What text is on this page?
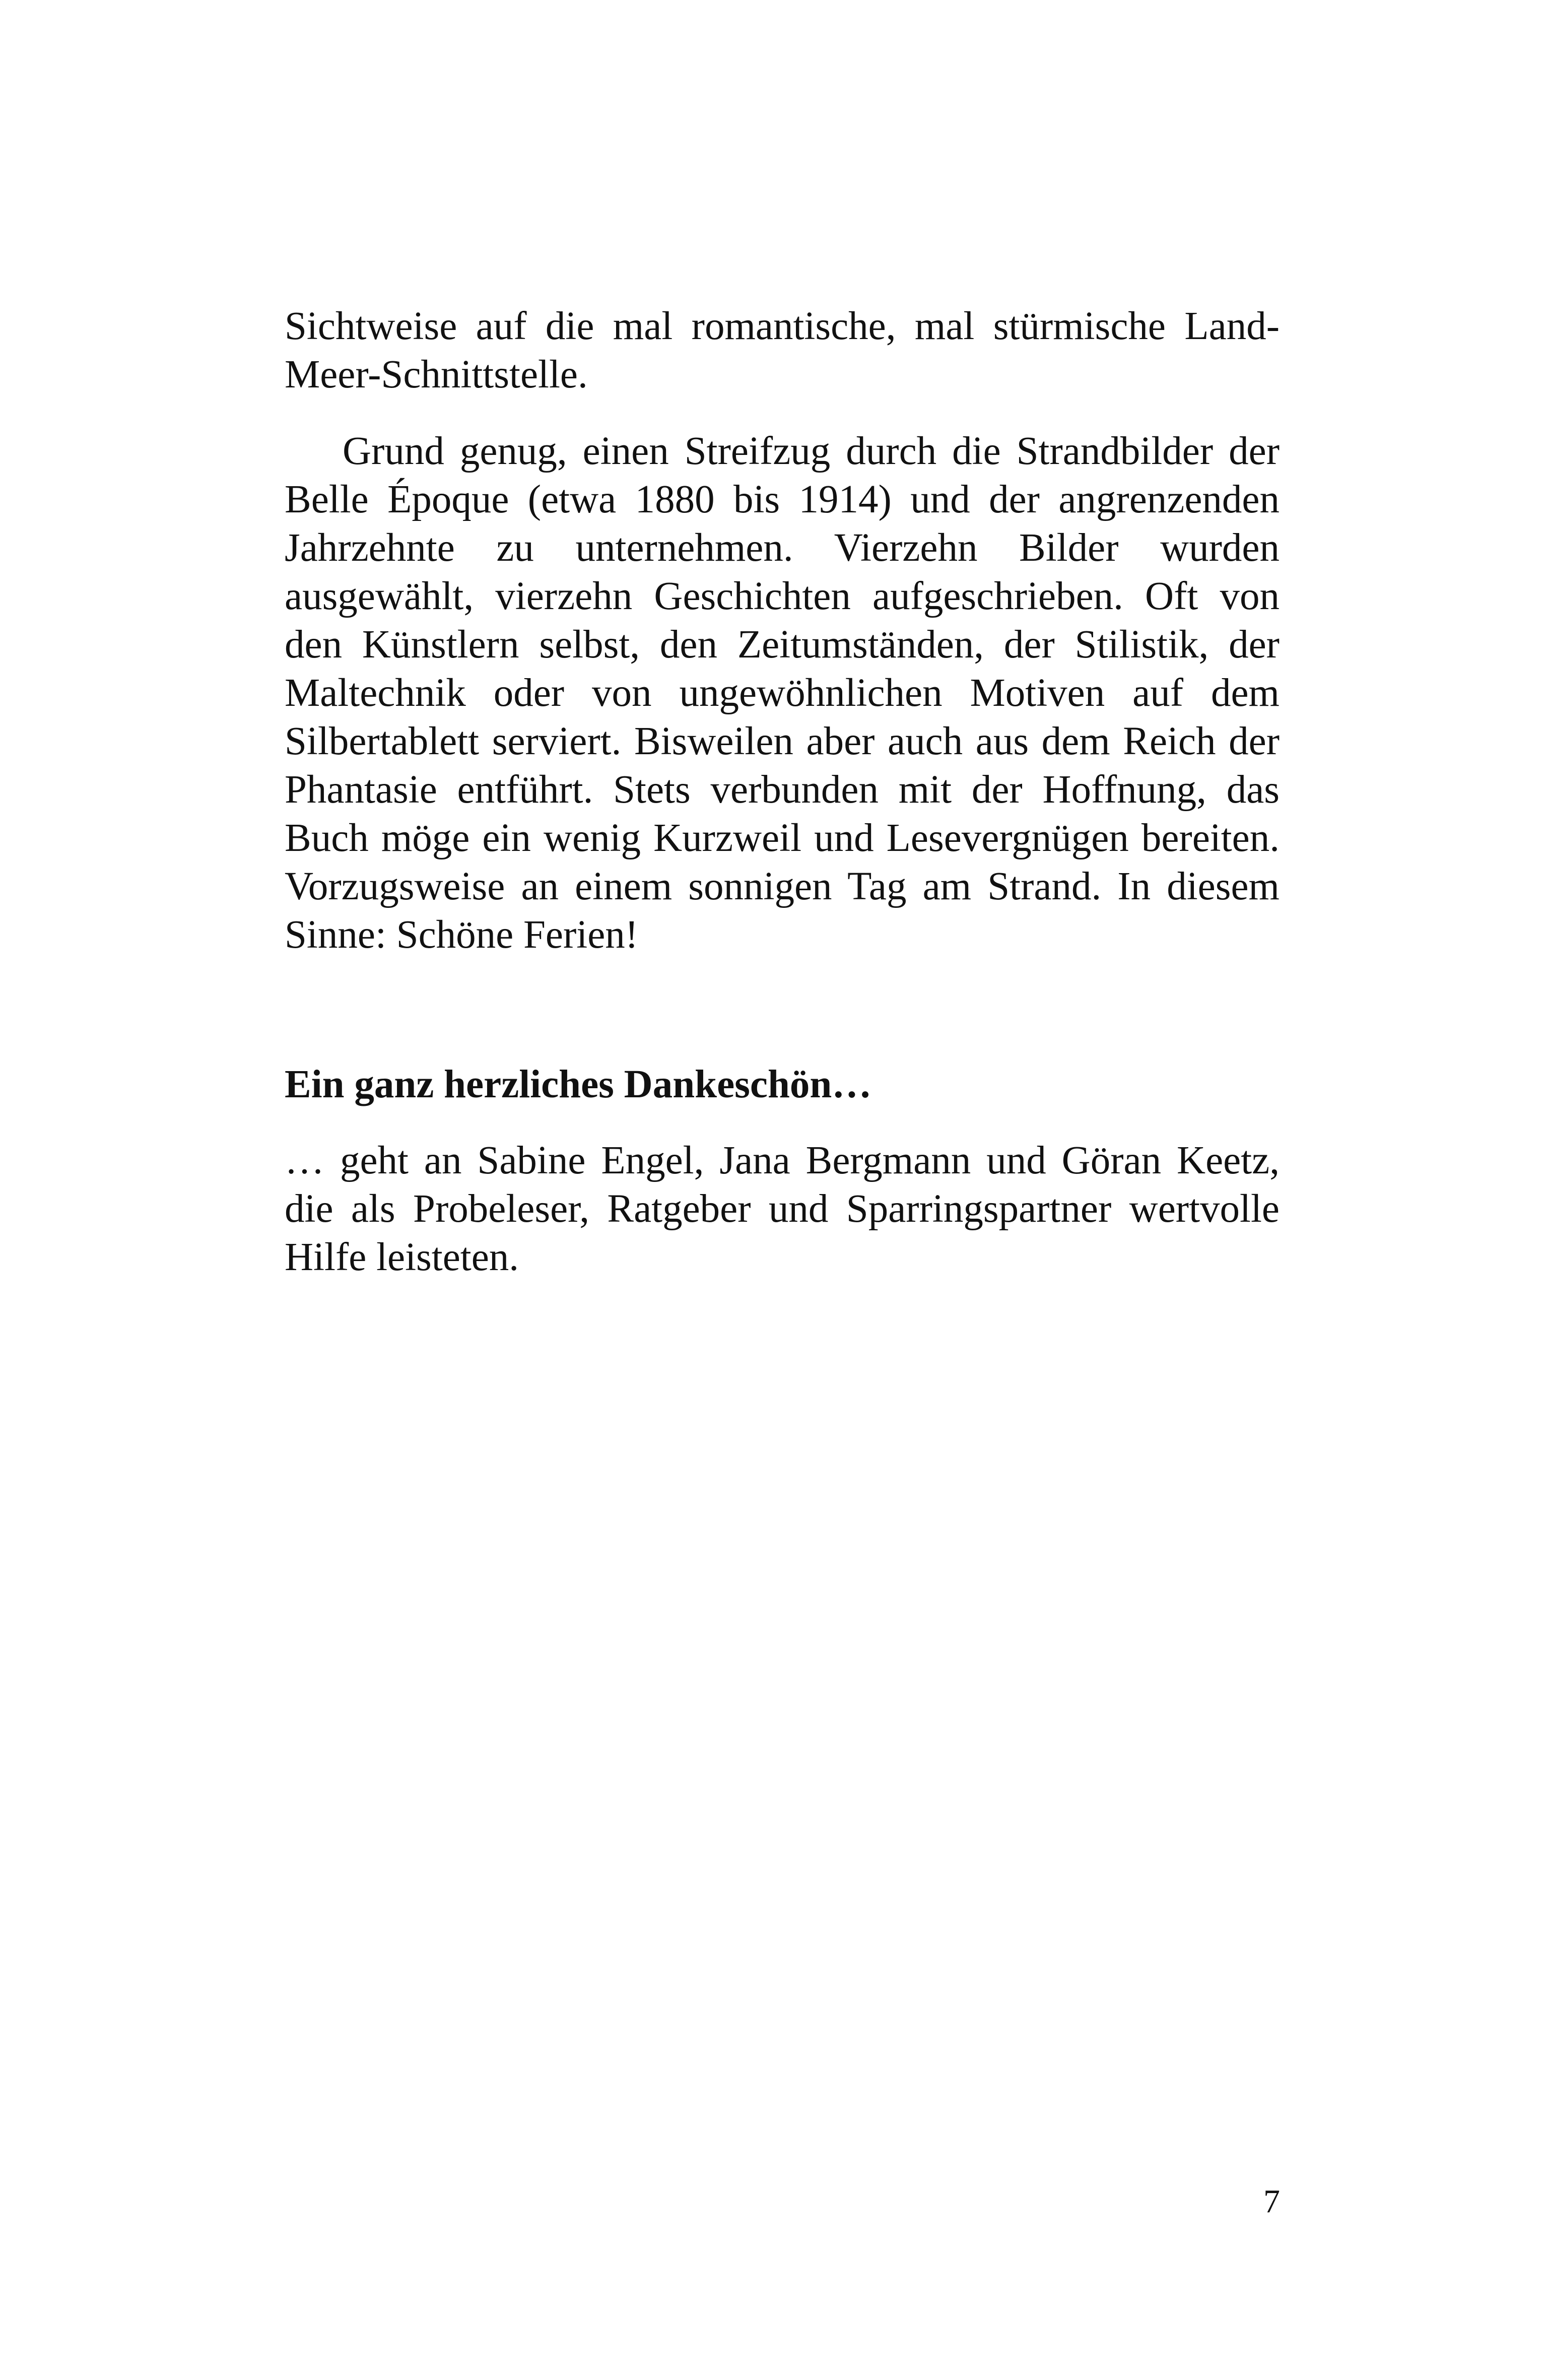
Sichtweise auf die mal romantische, mal stürmische Land-Meer-Schnittstelle.

Grund genug, einen Streifzug durch die Strandbilder der Belle Époque (etwa 1880 bis 1914) und der angrenzenden Jahrzehnte zu unternehmen. Vierzehn Bilder wurden ausgewählt, vierzehn Geschichten aufgeschrieben. Oft von den Künstlern selbst, den Zeitumständen, der Stilistik, der Maltechnik oder von ungewöhnlichen Motiven auf dem Silbertablett serviert. Bisweilen aber auch aus dem Reich der Phantasie entführt. Stets verbunden mit der Hoffnung, das Buch möge ein wenig Kurzweil und Lesevergnügen bereiten. Vorzugsweise an einem sonnigen Tag am Strand. In diesem Sinne: Schöne Ferien!

Ein ganz herzliches Dankeschön…

… geht an Sabine Engel, Jana Bergmann und Göran Keetz, die als Probeleser, Ratgeber und Sparringspartner wertvolle Hilfe leisteten.

7
